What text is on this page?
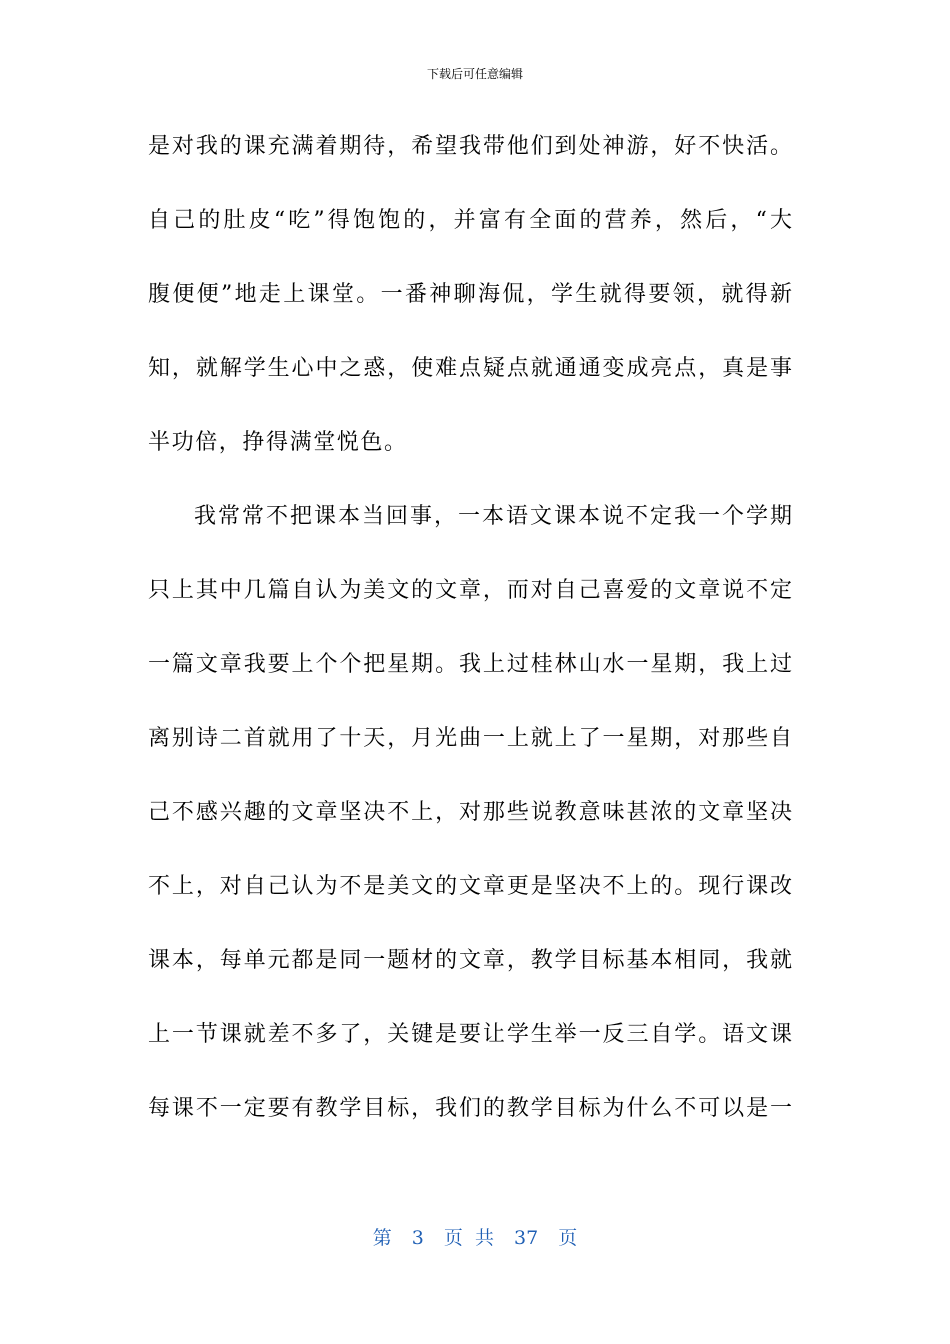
下载后可任意编辑
是对我的课充满着期待，希望我带他们到处神游，好不快活。
自己的肚皮“吃”得饱饱的，并富有全面的营养，然后，“大
腹便便”地走上课堂。一番神聊海侃，学生就得要领，就得新
知，就解学生心中之惑，使难点疑点就通通变成亮点，真是事
半功倍，挣得满堂悦色。
我常常不把课本当回事，一本语文课本说不定我一个学期
只上其中几篇自认为美文的文章，而对自己喜爱的文章说不定
一篇文章我要上个个把星期。我上过桂林山水一星期，我上过
离别诗二首就用了十天，月光曲一上就上了一星期，对那些自
己不感兴趣的文章坚决不上，对那些说教意味甚浓的文章坚决
不上，对自己认为不是美文的文章更是坚决不上的。现行课改
课本，每单元都是同一题材的文章，教学目标基本相同，我就
上一节课就差不多了，关键是要让学生举一反三自学。语文课
每课不一定要有教学目标，我们的教学目标为什么不可以是一
第 3 页 共 37 页
